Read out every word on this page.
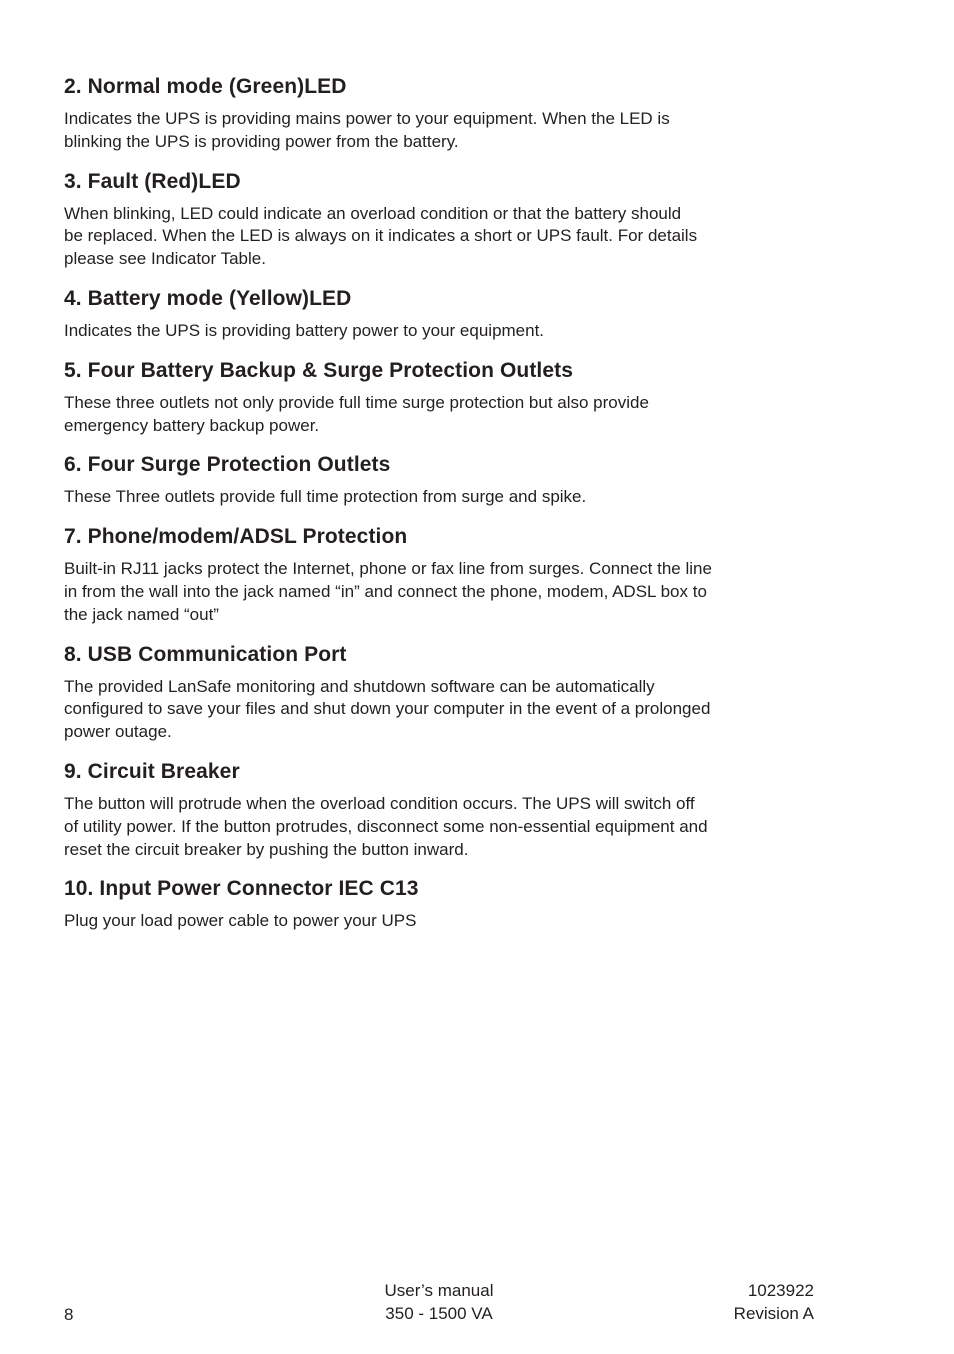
2. Normal mode (Green)LED

Indicates the UPS is providing mains power to your equipment. When the LED is
blinking the UPS is providing power from the battery.

3. Fault (Red)LED

When blinking, LED could indicate an overload condition or that the battery should
be replaced. When the LED is always on it indicates a short or UPS fault. For details
please see Indicator Table.

4. Battery mode (Yellow)LED

Indicates the UPS is providing battery power to your equipment.

5. Four Battery Backup & Surge Protection Outlets

These three outlets not only provide full time surge protection but also provide
emergency battery backup power.

6. Four Surge Protection Outlets

These Three outlets provide full time protection from surge and spike.

7. Phone/modem/ADSL Protection

Built-in RJ11 jacks protect the Internet, phone or fax line from surges. Connect the line
in from the wall into the jack named “in” and connect the phone, modem, ADSL box to
the jack named “out”

8. USB Communication Port

The provided LanSafe monitoring and shutdown software can be automatically
configured to save your files and shut down your computer in the event of a prolonged
power outage.

9. Circuit Breaker

The button will protrude when the overload condition occurs. The UPS will switch off
of utility power. If the button protrudes, disconnect some non-essential equipment and
reset the circuit breaker by pushing the button inward.

10. Input Power Connector IEC C13

Plug your load power cable to power your UPS

8
User’s manual
350 - 1500 VA
1023922
Revision A
